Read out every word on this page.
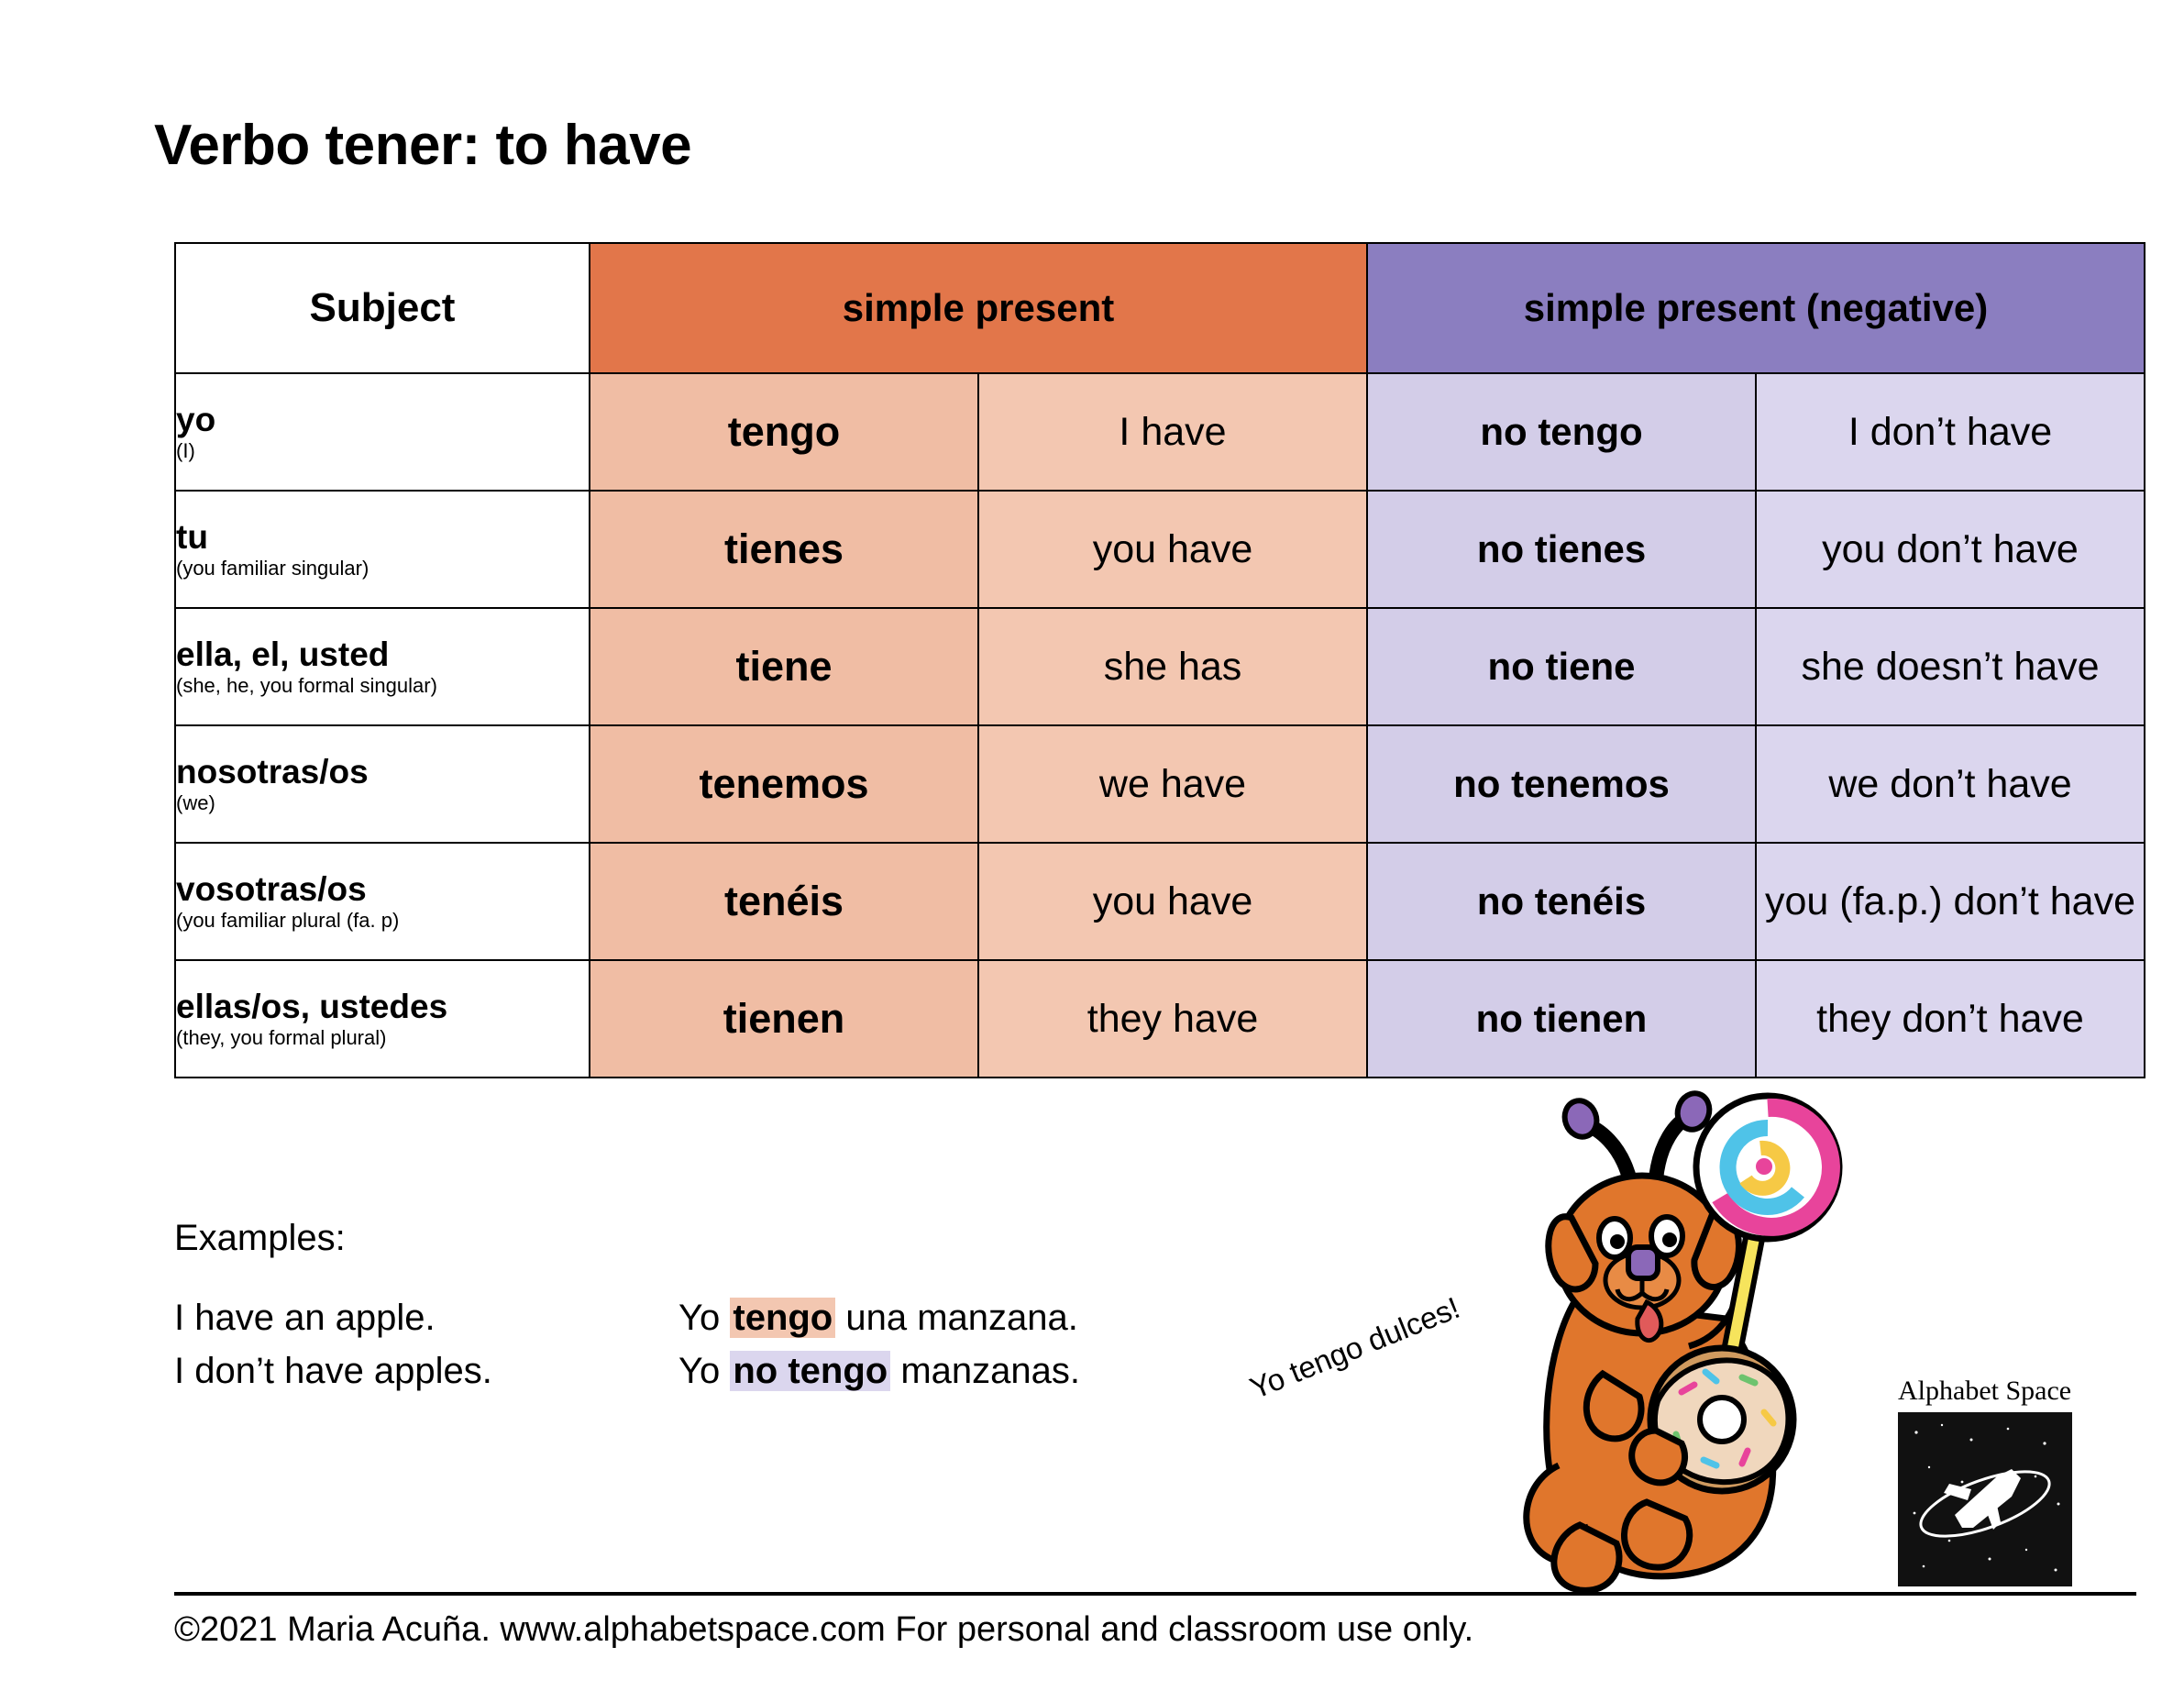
Verbo tener: to have
Subject	simple present		simple present (negative)	

yo
(I)	tengo	I have	no tengo	I don’t have

tu
(you familiar singular)	tienes	you have	no tienes	you don’t have

ella, el, usted
(she, he, you formal singular)	tiene	she has	no tiene	she doesn’t have

nosotras/os
(we)	tenemos	we have	no tenemos	we don’t have

vosotras/os
(you familiar plural (fa. p)	tenéis	you have	no tenéis	you (fa.p.) don’t have

ellas/os, ustedes
(they, you formal plural)	tienen	they have	no tienen	they don’t have
Examples:
I have an apple.
I don’t have apples.
Yo tengo una manzana.
Yo no tengo manzanas.	Yo tengo dulces!	Alphabet Space
©2021 Maria Acuña. www.alphabetspace.com For personal and classroom use only.
